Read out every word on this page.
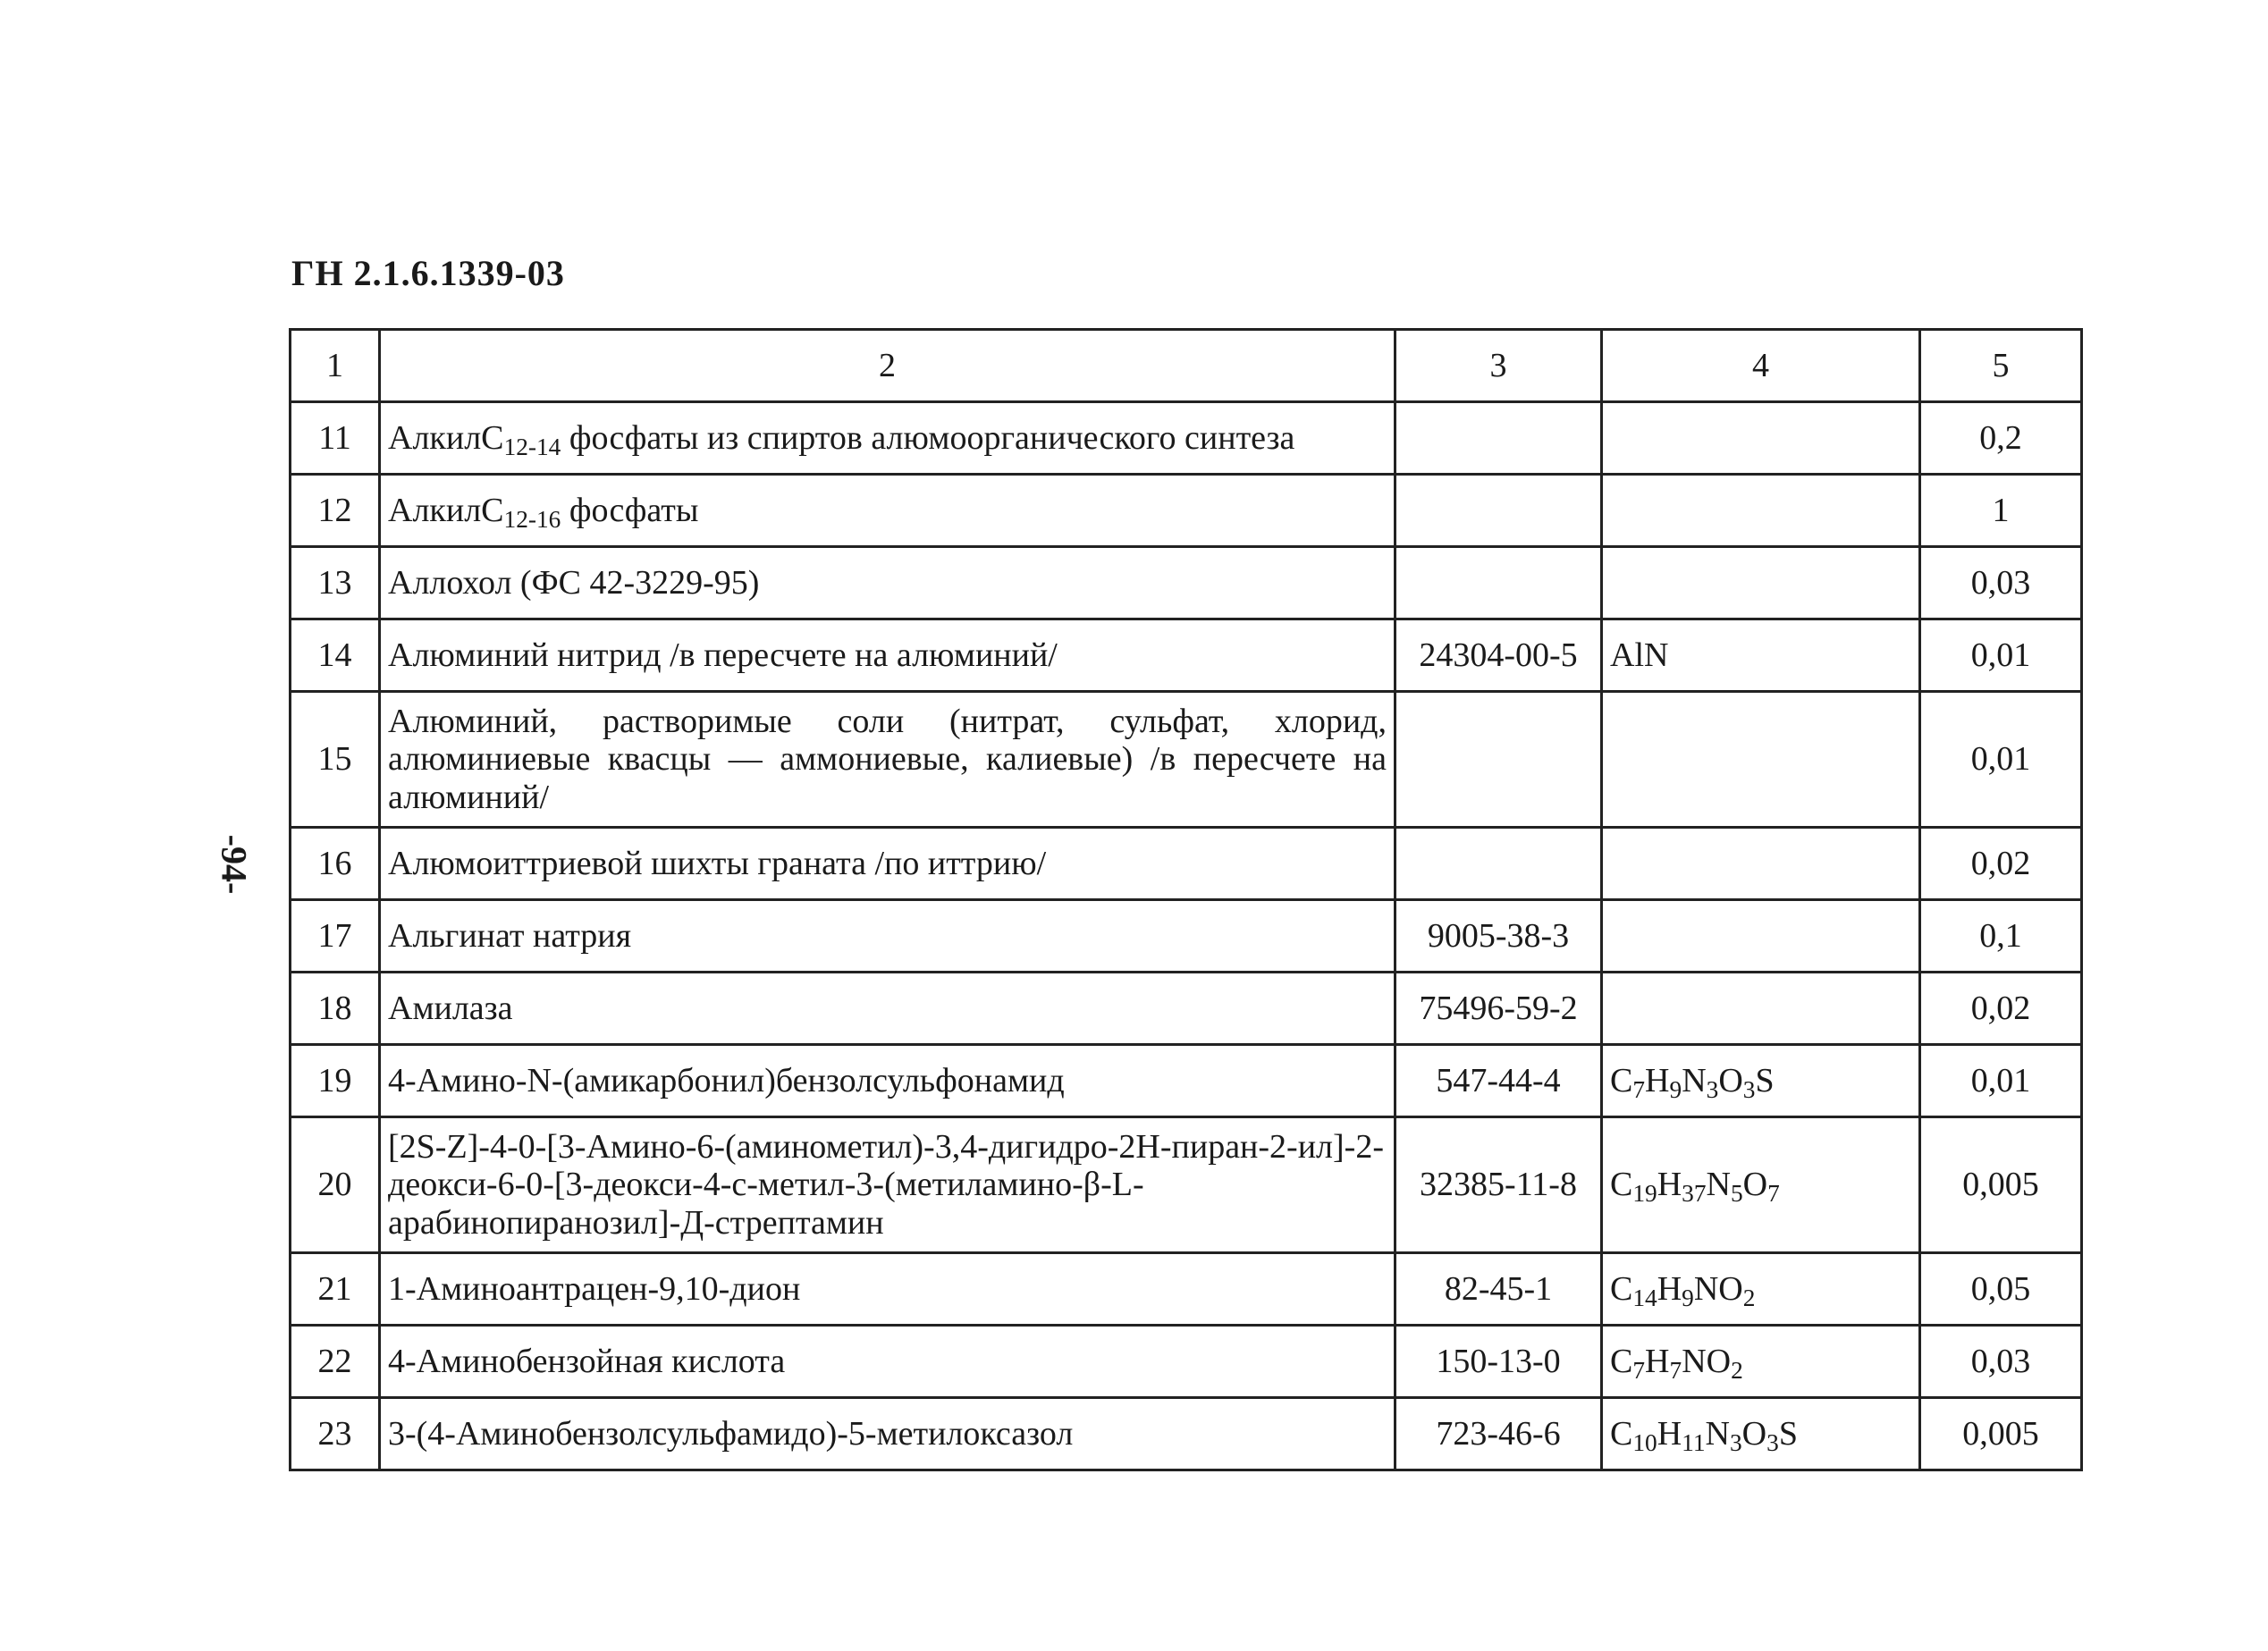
ГН 2.1.6.1339-03
-94-
1	2	3	4	5
11	АлкилC$_{12-14}$ фосфаты из спиртов алюмоорганического синтеза			0,2
12	АлкилC$_{12-16}$ фосфаты			1
13	Аллохол (ФС 42-3229-95)			0,03
14	Алюминий нитрид /в пересчете на алюминий/	24304-00-5	AlN	0,01
15	Алюминий, растворимые соли (нитрат, сульфат, хлорид, алюминиевые квасцы — аммониевые, калиевые) /в пересчете на алюминий/			0,01
16	Алюмоиттриевой шихты граната /по иттрию/			0,02
17	Альгинат натрия	9005-38-3		0,1
18	Амилаза	75496-59-2		0,02
19	4-Амино-N-(амикарбонил)бензолсульфонамид	547-44-4	$C_7H_9N_3O_3S$	0,01
20	[2S-Z]-4-0-[3-Амино-6-(аминометил)-3,4-дигидро-2H-пиран-2-ил]-2-деокси-6-0-[3-деокси-4-с-метил-3-(метиламино-β-L-арабинопиранозил]-Д-стрептамин	32385-11-8	$C_{19}H_{37}N_5O_7$	0,005
21	1-Аминоантрацен-9,10-дион	82-45-1	$C_{14}H_9NO_2$	0,05
22	4-Аминобензойная кислота	150-13-0	$C_7H_7NO_2$	0,03
23	3-(4-Аминобензолсульфамидо)-5-метилоксазол	723-46-6	$C_{10}H_{11}N_3O_3S$	0,005
